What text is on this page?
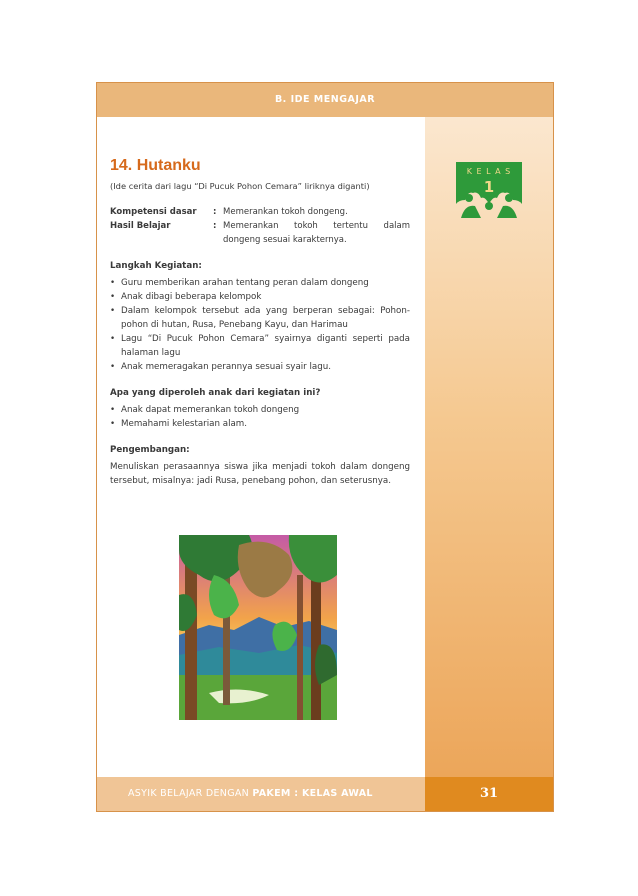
B. IDE MENGAJAR
K E L A S
1
14. Hutanku
(Ide cerita dari lagu “Di Pucuk Pohon Cemara” liriknya diganti)
Kompetensi dasar	: Memerankan tokoh dongeng.
Hasil Belajar	: Memerankan tokoh tertentu dalam dongeng sesuai karakternya.
Langkah Kegiatan:
• Guru memberikan arahan tentang peran dalam dongeng
• Anak dibagi beberapa kelompok
• Dalam kelompok tersebut ada yang berperan sebagai: Pohon-pohon di hutan, Rusa, Penebang Kayu, dan Harimau
• Lagu “Di Pucuk Pohon Cemara” syairnya diganti seperti pada halaman lagu
• Anak memeragakan perannya sesuai syair lagu.
Apa yang diperoleh anak dari kegiatan ini?
• Anak dapat memerankan tokoh dongeng
• Memahami kelestarian alam.
Pengembangan:
Menuliskan perasaannya siswa jika menjadi tokoh dalam dongeng tersebut, misalnya: jadi Rusa, penebang pohon, dan seterusnya.
ASYIK BELAJAR DENGAN PAKEM : KELAS AWAL	31
